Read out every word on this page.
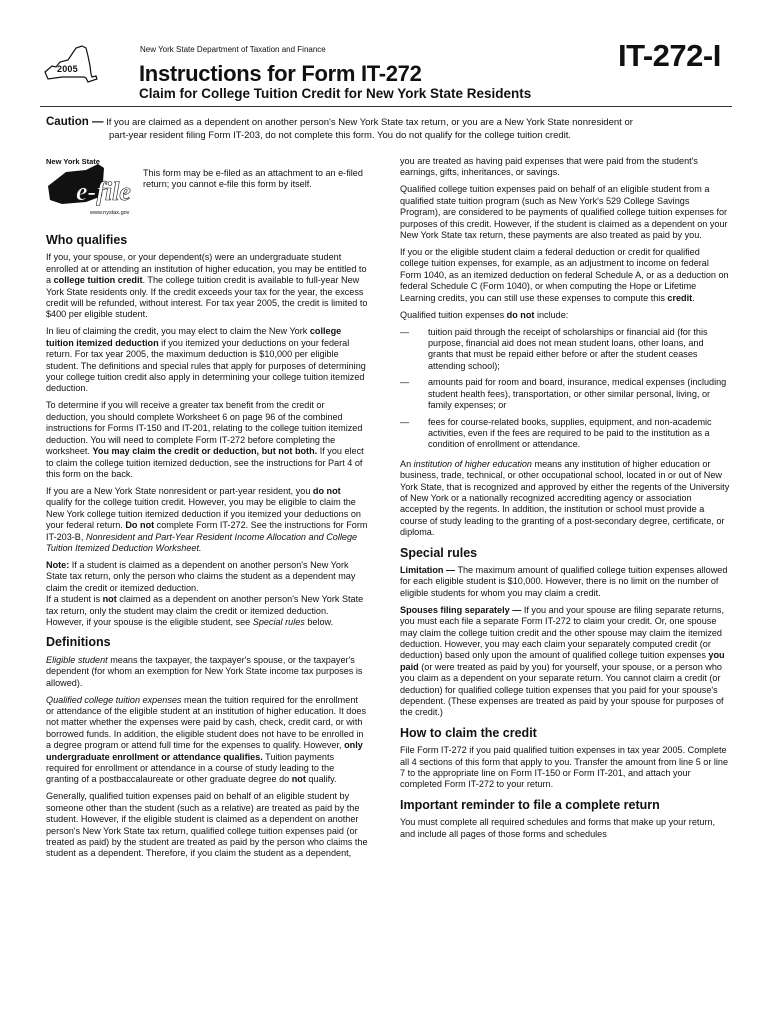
2005
New York State Department of Taxation and Finance	IT-272-I
Instructions for Form IT-272
Claim for College Tuition Credit for New York State Residents
Caution — If you are claimed as a dependent on another person's New York State tax return, or you are a New York State nonresident or
part-year resident filing Form IT-203, do not complete this form. You do not qualify for the college tuition credit.
New York State
e-file
www.nystax.gov
This form may be e-filed as an attachment to an e-filed return; you cannot e-file this form by itself.
Who qualifies

If you, your spouse, or your dependent(s) were an undergraduate student enrolled at or attending an institution of higher education, you may be entitled to a college tuition credit. The college tuition credit is available to full-year New York State residents only. If the credit exceeds your tax for the year, the excess credit will be refunded, without interest. For tax year 2005, the credit is limited to $400 per eligible student.

In lieu of claiming the credit, you may elect to claim the New York college tuition itemized deduction if you itemized your deductions on your federal return. For tax year 2005, the maximum deduction is $10,000 per eligible student. The definitions and special rules that apply for purposes of determining your college tuition credit also apply in determining your college tuition itemized deduction.

To determine if you will receive a greater tax benefit from the credit or deduction, you should complete Worksheet 6 on page 96 of the combined instructions for Forms IT-150 and IT-201, relating to the college tuition itemized deduction. You will need to complete Form IT-272 before completing the worksheet. You may claim the credit or deduction, but not both. If you elect to claim the college tuition itemized deduction, see the instructions for Part 4 of this form on the back.

If you are a New York State nonresident or part-year resident, you do not qualify for the college tuition credit. However, you may be eligible to claim the New York college tuition itemized deduction if you itemized your deductions on your federal return. Do not complete Form IT-272. See the instructions for Form IT-203-B, Nonresident and Part-Year Resident Income Allocation and College Tuition Itemized Deduction Worksheet.

Note: If a student is claimed as a dependent on another person's New York State tax return, only the person who claims the student as a dependent may claim the credit or itemized deduction.

If a student is not claimed as a dependent on another person's New York State tax return, only the student may claim the credit or itemized deduction. However, if your spouse is the eligible student, see Special rules below.

Definitions

Eligible student means the taxpayer, the taxpayer's spouse, or the taxpayer's dependent (for whom an exemption for New York State income tax purposes is allowed).

Qualified college tuition expenses mean the tuition required for the enrollment or attendance of the eligible student at an institution of higher education. It does not matter whether the expenses were paid by cash, check, credit card, or with borrowed funds. In addition, the eligible student does not have to be enrolled in a degree program or attend full time for the expenses to qualify. However, only undergraduate enrollment or attendance qualifies. Tuition payments required for enrollment or attendance in a course of study leading to the granting of a postbaccalaureate or other graduate degree do not qualify.

Generally, qualified tuition expenses paid on behalf of an eligible student by someone other than the student (such as a relative) are treated as paid by the student. However, if the eligible student is claimed as a dependent on another person's New York State tax return, qualified college tuition expenses paid (or treated as paid) by the student are treated as paid by the person who claims the student as a dependent. Therefore, if you claim the student as a dependent,

you are treated as having paid expenses that were paid from the student's earnings, gifts, inheritances, or savings.

Qualified college tuition expenses paid on behalf of an eligible student from a qualified state tuition program (such as New York's 529 College Savings Program), are considered to be payments of qualified college tuition expenses for purposes of this credit. However, if the student is claimed as a dependent on your New York State tax return, these payments are also treated as paid by you.

If you or the eligible student claim a federal deduction or credit for qualified college tuition expenses, for example, as an adjustment to income on federal Form 1040, as an itemized deduction on federal Schedule A, or as a deduction on federal Schedule C (Form 1040), or when computing the Hope or Lifetime Learning credits, you can still use these expenses to compute this credit.

Qualified tuition expenses do not include:

—	tuition paid through the receipt of scholarships or financial aid (for this purpose, financial aid does not mean student loans, other loans, and grants that must be repaid either before or after the student ceases attending school);
—	amounts paid for room and board, insurance, medical expenses (including student health fees), transportation, or other similar personal, living, or family expenses; or
—	fees for course-related books, supplies, equipment, and non-academic activities, even if the fees are required to be paid to the institution as a condition of enrollment or attendance.

An institution of higher education means any institution of higher education or business, trade, technical, or other occupational school, located in or out of New York State, that is recognized and approved by either the regents of the University of New York or a nationally recognized accrediting agency or association accepted by the regents. In addition, the institution or school must provide a course of study leading to the granting of a post-secondary degree, certificate, or diploma.

Special rules

Limitation — The maximum amount of qualified college tuition expenses allowed for each eligible student is $10,000. However, there is no limit on the number of eligible students for whom you may claim a credit.

Spouses filing separately — If you and your spouse are filing separate returns, you must each file a separate Form IT-272 to claim your credit. Or, one spouse may claim the college tuition credit and the other spouse may claim the itemized deduction. However, you may each claim your separately computed credit (or deduction) based only upon the amount of qualified college tuition expenses you paid (or were treated as paid by you) for yourself, your spouse, or a person who you claim as a dependent on your separate return. You cannot claim a credit (or deduction) for qualified college tuition expenses that you paid for your spouse's dependent. (These expenses are treated as paid by your spouse for purposes of the credit.)

How to claim the credit

File Form IT-272 if you paid qualified tuition expenses in tax year 2005. Complete all 4 sections of this form that apply to you. Transfer the amount from line 5 or line 7 to the appropriate line on Form IT-150 or Form IT-201, and attach your completed Form IT-272 to your return.

Important reminder to file a complete return

You must complete all required schedules and forms that make up your return, and include all pages of those forms and schedules
